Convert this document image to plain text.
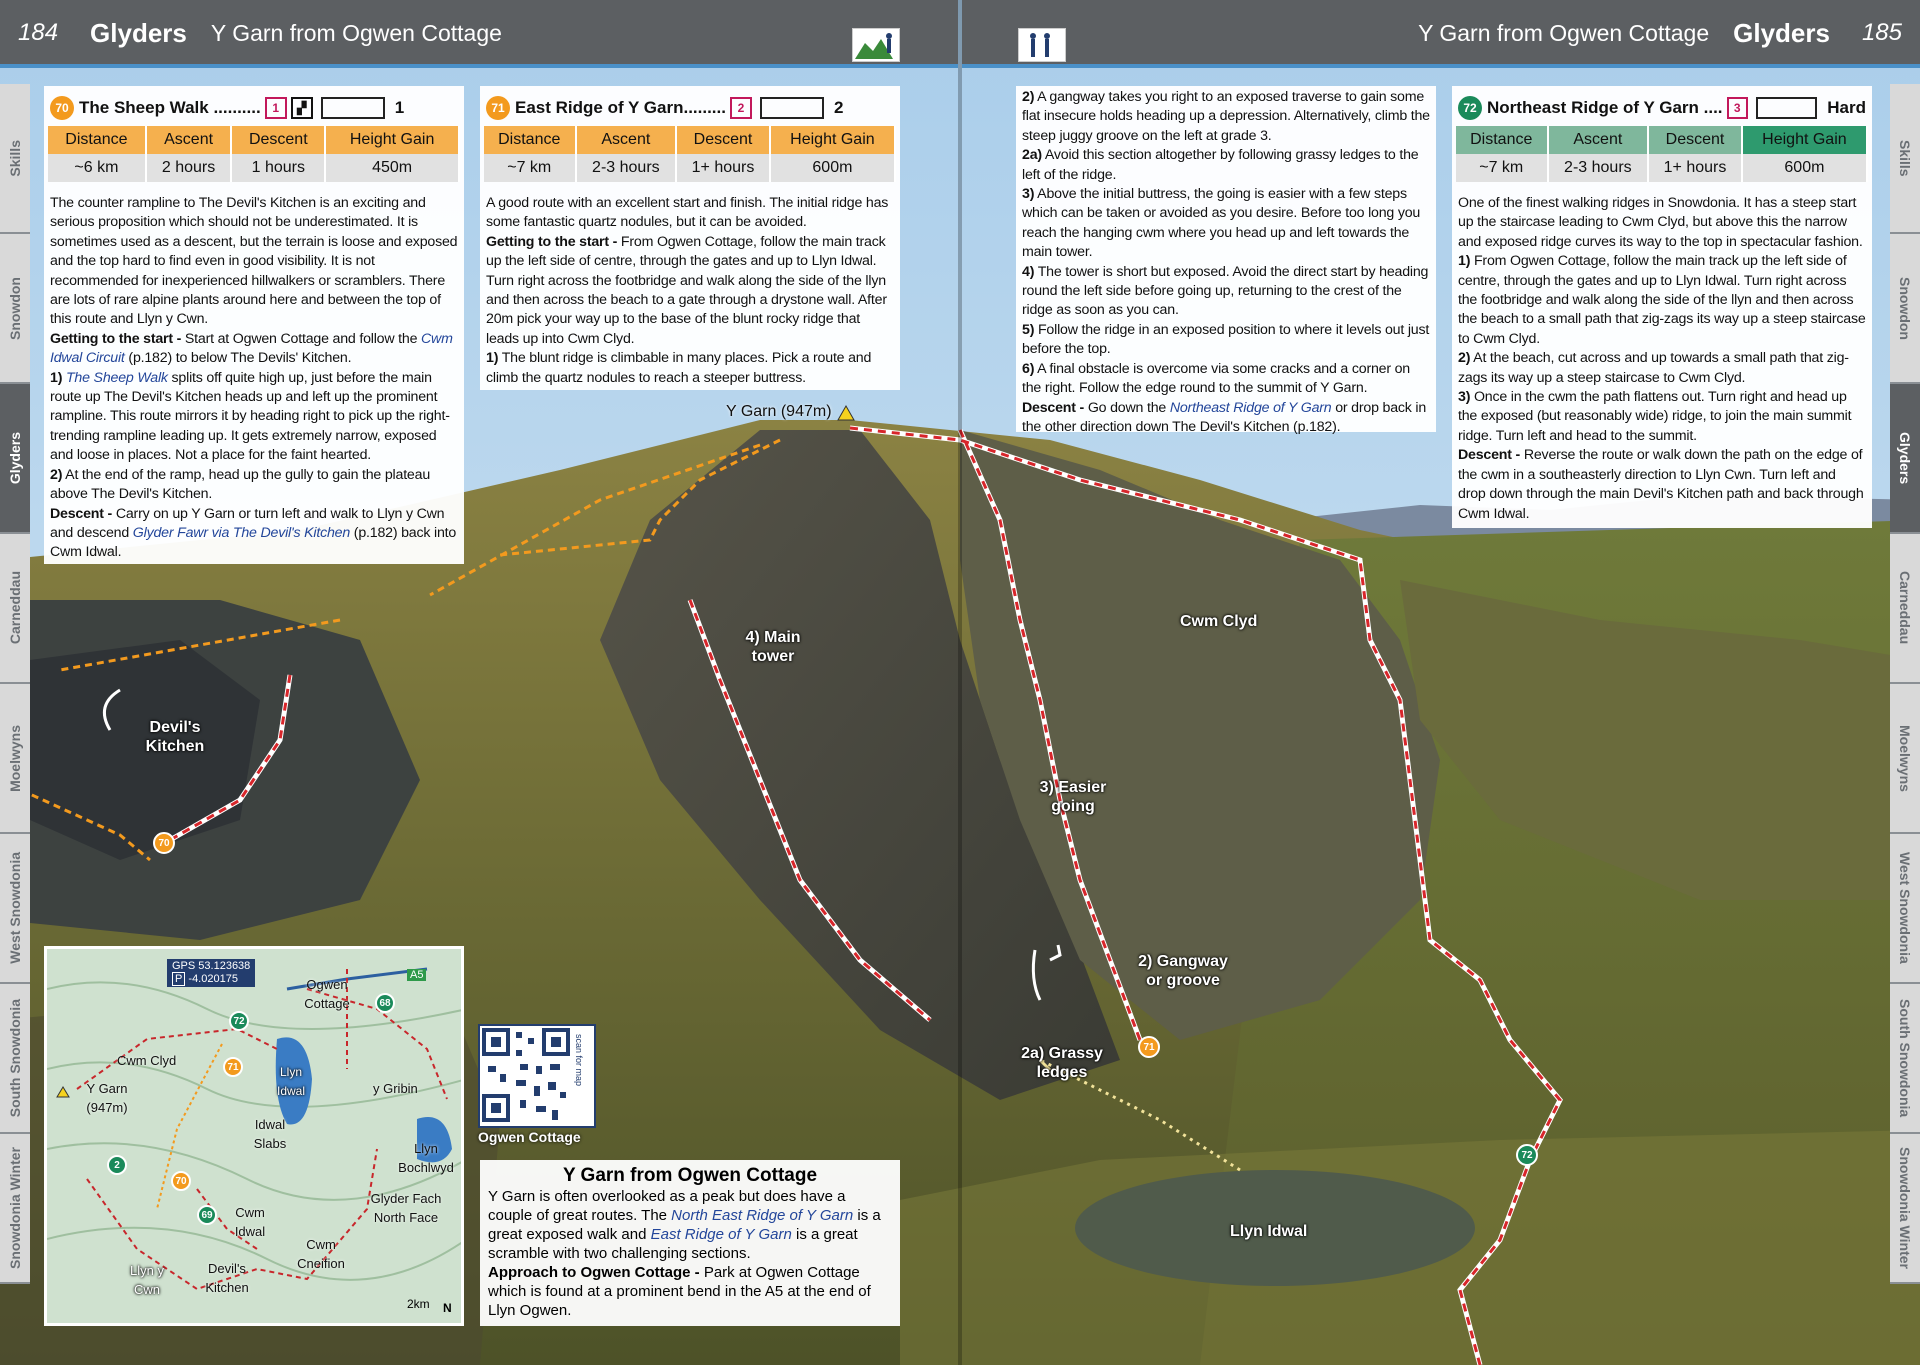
184	Glyders	Y Garn from Ogwen Cottage	Y Garn from Ogwen Cottage Glyders	185
Skills
Snowdon
Glyders
Carneddau
Moelwyns
West Snowdonia
South Snowdonia
Snowdonia Winter
Skills
Snowdon
Glyders
Carneddau
Moelwyns
West Snowdonia
South Snowdonia
Snowdonia Winter
70 The Sheep Walk .......... 1	▞	1
Distance	Ascent	Descent	Height Gain
~6 km	2 hours	1 hours	450m
The counter rampline to The Devil's Kitchen is an exciting and serious proposition which should not be underestimated. It is sometimes used as a descent, but the terrain is loose and exposed and the top hard to find even in good visibility. It is not recommended for inexperienced hillwalkers or scramblers. There are lots of rare alpine plants around here and between the top of this route and Llyn y Cwn.
Getting to the start - Start at Ogwen Cottage and follow the Cwm Idwal Circuit (p.182) to below The Devils' Kitchen.
1) The Sheep Walk splits off quite high up, just before the main route up The Devil's Kitchen heads up and left up the prominent rampline. This route mirrors it by heading right to pick up the right-trending rampline leading up. It gets extremely narrow, exposed and loose in places. Not a place for the faint hearted.
2) At the end of the ramp, head up the gully to gain the plateau above The Devil's Kitchen.
Descent - Carry on up Y Garn or turn left and walk to Llyn y Cwn and descend Glyder Fawr via The Devil's Kitchen (p.182) back into Cwm Idwal.
71 East Ridge of Y Garn......... 2	2
Distance	Ascent	Descent	Height Gain
~7 km	2-3 hours	1+ hours	600m
A good route with an excellent start and finish. The initial ridge has some fantastic quartz nodules, but it can be avoided.
Getting to the start - From Ogwen Cottage, follow the main track up the left side of centre, through the gates and up to Llyn Idwal. Turn right across the footbridge and walk along the side of the llyn and then across the beach to a gate through a drystone wall. After 20m pick your way up to the base of the blunt rocky ridge that leads up into Cwm Clyd.
1) The blunt ridge is climbable in many places. Pick a route and climb the quartz nodules to reach a steeper buttress.
2) A gangway takes you right to an exposed traverse to gain some flat insecure holds heading up a depression. Alternatively, climb the steep juggy groove on the left at grade 3.
2a) Avoid this section altogether by following grassy ledges to the left of the ridge.
3) Above the initial buttress, the going is easier with a few steps which can be taken or avoided as you desire. Before too long you reach the hanging cwm where you head up and left towards the main tower.
4) The tower is short but exposed. Avoid the direct start by heading round the left side before going up, returning to the crest of the ridge as soon as you can.
5) Follow the ridge in an exposed position to where it levels out just before the top.
6) A final obstacle is overcome via some cracks and a corner on the right. Follow the edge round to the summit of Y Garn.
Descent - Go down the Northeast Ridge of Y Garn or drop back in the other direction down The Devil's Kitchen (p.182).
72 Northeast Ridge of Y Garn .... 3	Hard
Distance	Ascent	Descent	Height Gain
~7 km	2-3 hours	1+ hours	600m
One of the finest walking ridges in Snowdonia. It has a steep start up the staircase leading to Cwm Clyd, but above this the narrow and exposed ridge curves its way to the top in spectacular fashion.
1) From Ogwen Cottage, follow the main track up the left side of centre, through the gates and up to Llyn Idwal. Turn right across the footbridge and walk along the side of the llyn and then across the beach to a small path that zig-zags its way up a steep staircase to Cwm Clyd.
2) At the beach, cut across and up towards a small path that zig-zags its way up a steep staircase to Cwm Clyd.
3) Once in the cwm the path flattens out. Turn right and head up the exposed (but reasonably wide) ridge, to join the main summit ridge. Turn left and head to the summit.
Descent - Reverse the route or walk down the path on the edge of the cwm in a southeasterly direction to Llyn Cwn. Turn left and drop down through the main Devil's Kitchen path and back through Cwm Idwal.
Y Garn (947m)
4) Main tower
Devil's Kitchen
Cwm Clyd
3) Easier going
2) Gangway or groove
2a) Grassy ledges
Llyn Idwal
70
71
72
GPS 53.123638
P -4.020175	A5
Ogwen Cottage
Cwm Clyd
Y Garn (947m)
Llyn Idwal	y Gribin
Idwal Slabs	Llyn Bochlwyd
Glyder Fach North Face
Cwm Idwal
Cwm Cneifion
Devil's Kitchen
Llyn y Cwn
68
72
71
2
70
69
2km N
scan for map
Ogwen Cottage
Y Garn from Ogwen Cottage
Y Garn is often overlooked as a peak but does have a couple of great routes. The North East Ridge of Y Garn is a great exposed walk and East Ridge of Y Garn is a great scramble with two challenging sections.
Approach to Ogwen Cottage - Park at Ogwen Cottage which is found at a prominent bend in the A5 at the end of Llyn Ogwen.
